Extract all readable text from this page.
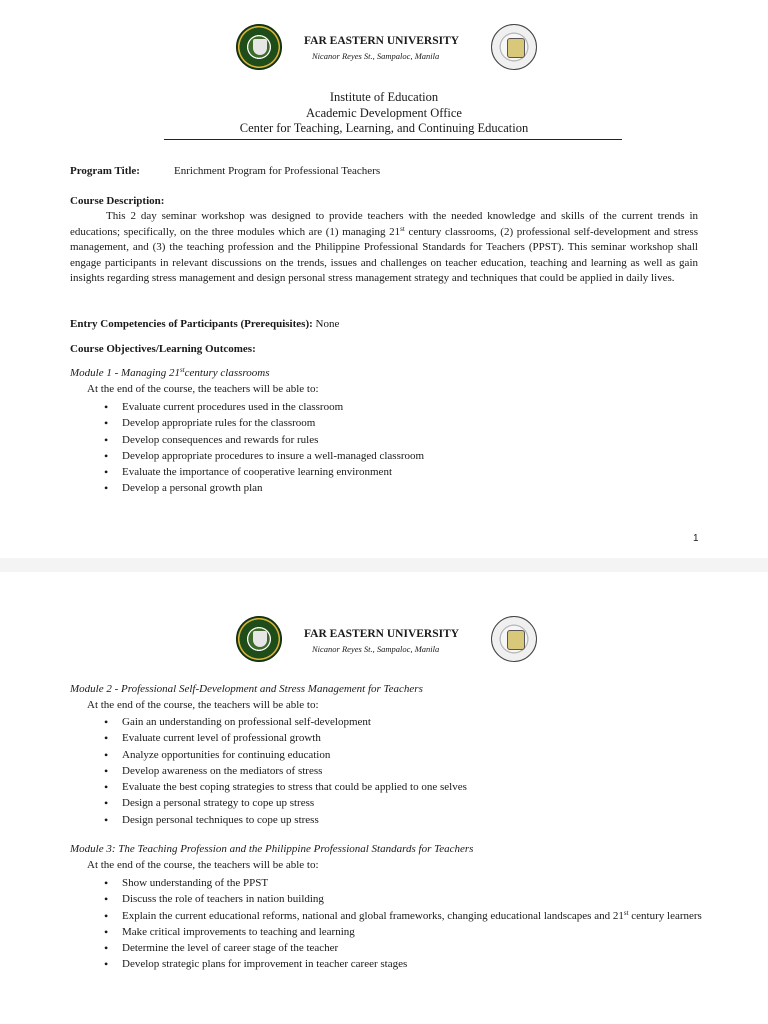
FAR EASTERN UNIVERSITY
Nicanor Reyes St., Sampaloc, Manila
Institute of Education
Academic Development Office
Center for Teaching, Learning, and Continuing Education
Program Title:	Enrichment Program for Professional Teachers
Course Description:
This 2 day seminar workshop was designed to provide teachers with the needed knowledge and skills of the current trends in educations; specifically, on the three modules which are (1) managing 21st century classrooms, (2) professional self-development and stress management, and (3) the teaching profession and the Philippine Professional Standards for Teachers (PPST). This seminar workshop shall engage participants in relevant discussions on the trends, issues and challenges on teacher education, teaching and learning as well as gain insights regarding stress management and design personal stress management strategy and techniques that could be applied in daily lives.
Entry Competencies of Participants (Prerequisites): None
Course Objectives/Learning Outcomes:
Module 1 - Managing 21stcentury classrooms
At the end of the course, the teachers will be able to:
• Evaluate current procedures used in the classroom
• Develop appropriate rules for the classroom
• Develop consequences and rewards for rules
• Develop appropriate procedures to insure a well-managed classroom
• Evaluate the importance of cooperative learning environment
• Develop a personal growth plan
1
FAR EASTERN UNIVERSITY
Nicanor Reyes St., Sampaloc, Manila
Module 2 - Professional Self-Development and Stress Management for Teachers
At the end of the course, the teachers will be able to:
• Gain an understanding on professional self-development
• Evaluate current level of professional growth
• Analyze opportunities for continuing education
• Develop awareness on the mediators of stress
• Evaluate the best coping strategies to stress that could be applied to one selves
• Design a personal strategy to cope up stress
• Design personal techniques to cope up stress
Module 3: The Teaching Profession and the Philippine Professional Standards for Teachers
At the end of the course, the teachers will be able to:
• Show understanding of the PPST
• Discuss the role of teachers in nation building
• Explain the current educational reforms, national and global frameworks, changing educational landscapes and 21st century learners
• Make critical improvements to teaching and learning
• Determine the level of career stage of the teacher
• Develop strategic plans for improvement in teacher career stages
